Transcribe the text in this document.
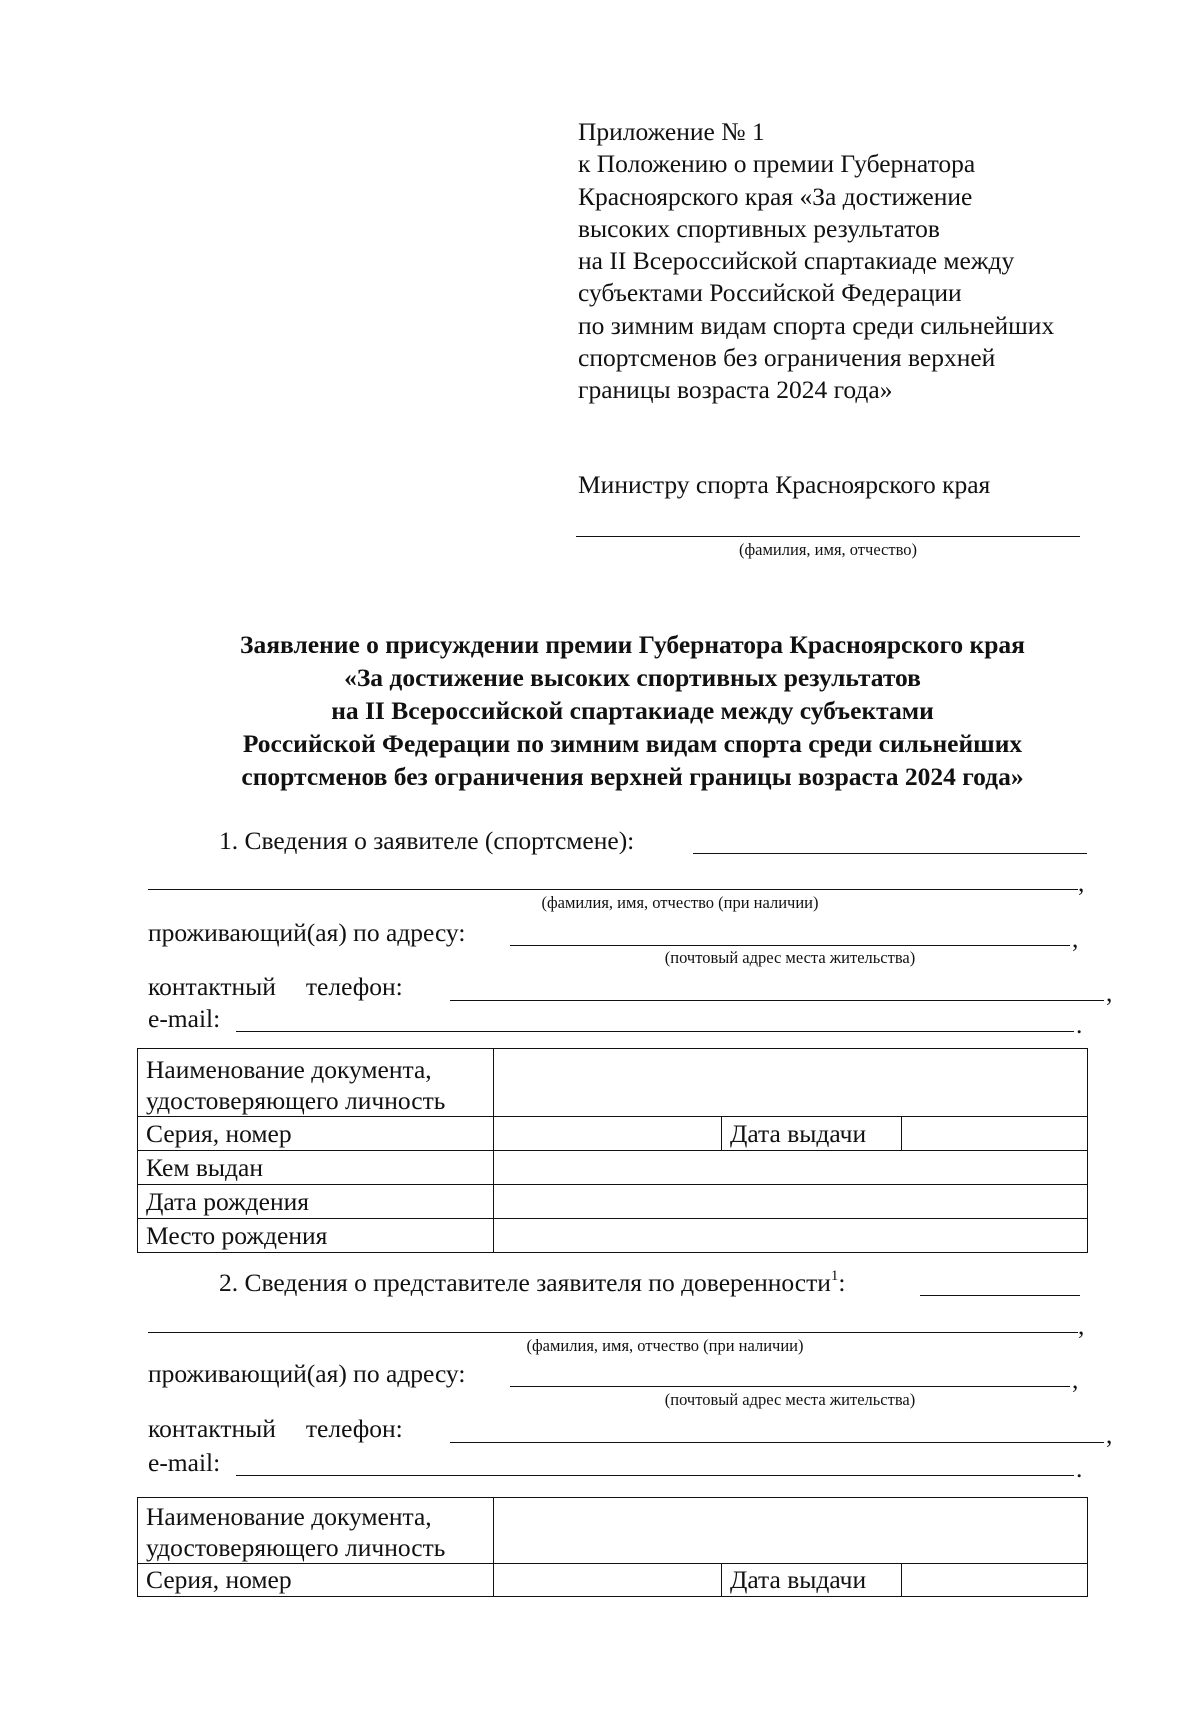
Приложение № 1
к Положению о премии Губернатора
Красноярского края «За достижение
высоких спортивных результатов
на II Всероссийской спартакиаде между
субъектами Российской Федерации
по зимним видам спорта среди сильнейших
спортсменов без ограничения верхней
границы возраста 2024 года»
Министру спорта Красноярского края
(фамилия, имя, отчество)
Заявление о присуждении премии Губернатора Красноярского края
«За достижение высоких спортивных результатов
на II Всероссийской спартакиаде между субъектами
Российской Федерации по зимним видам спорта среди сильнейших
спортсменов без ограничения верхней границы возраста 2024 года»
1. Сведения о заявителе (спортсмене):
,
(фамилия, имя, отчество (при наличии)
проживающий(ая) по адресу:	,
(почтовый адрес места жительства)
контактный телефон:	,
e-mail:	.
Наименование документа,
удостоверяющего личность			

Серия, номер		Дата выдачи	
Кем выдан			
Дата рождения			
Место рождения			
2. Сведения о представителе заявителя по доверенности$^1$:
,
(фамилия, имя, отчество (при наличии)
проживающий(ая) по адресу:	,
(почтовый адрес места жительства)
контактный телефон:	,
e-mail:	.
Наименование документа,
удостоверяющего личность			

Серия, номер		Дата выдачи	
